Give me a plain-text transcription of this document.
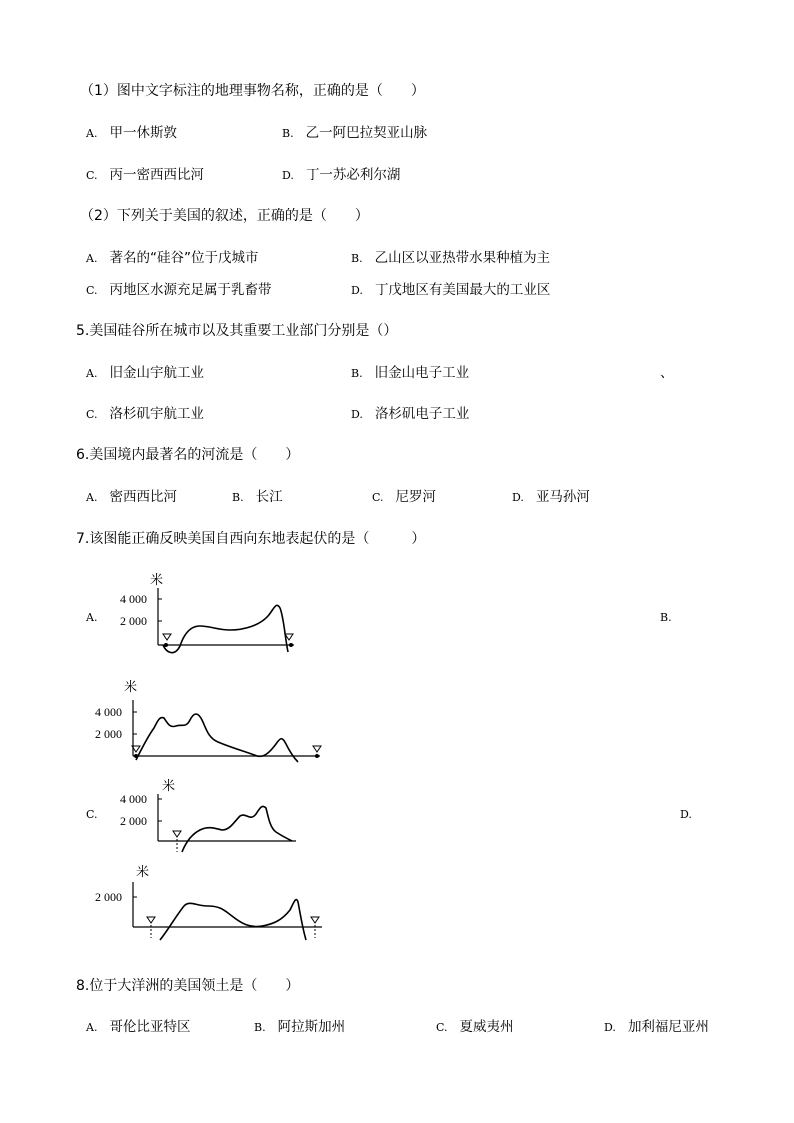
（1）图中文字标注的地理事物名称，正确的是（　　）
A. 甲一休斯敦	B. 乙一阿巴拉契亚山脉
C. 丙一密西西比河	D. 丁一苏必利尔湖
（2）下列关于美国的叙述，正确的是（　　）
A. 著名的“硅谷”位于戊城市	B. 乙山区以亚热带水果种植为主
C. 丙地区水源充足属于乳畜带	D. 丁戊地区有美国最大的工业区
5.美国硅谷所在城市以及其重要工业部门分别是（）
A. 旧金山宇航工业	B. 旧金山电子工业	、
C. 洛杉矶宇航工业	D. 洛杉矶电子工业
6.美国境内最著名的河流是（　　）
A. 密西西比河	B. 长江	C. 尼罗河	D. 亚马孙河
7.该图能正确反映美国自西向东地表起伏的是（　　　）
A.	B.
C.	D.
米
4 000
2 000
米
4 000
2 000
米
4 000
2 000
米
2 000
8.位于大洋洲的美国领土是（　　）
A. 哥伦比亚特区	B. 阿拉斯加州	C. 夏威夷州	D. 加利福尼亚州
